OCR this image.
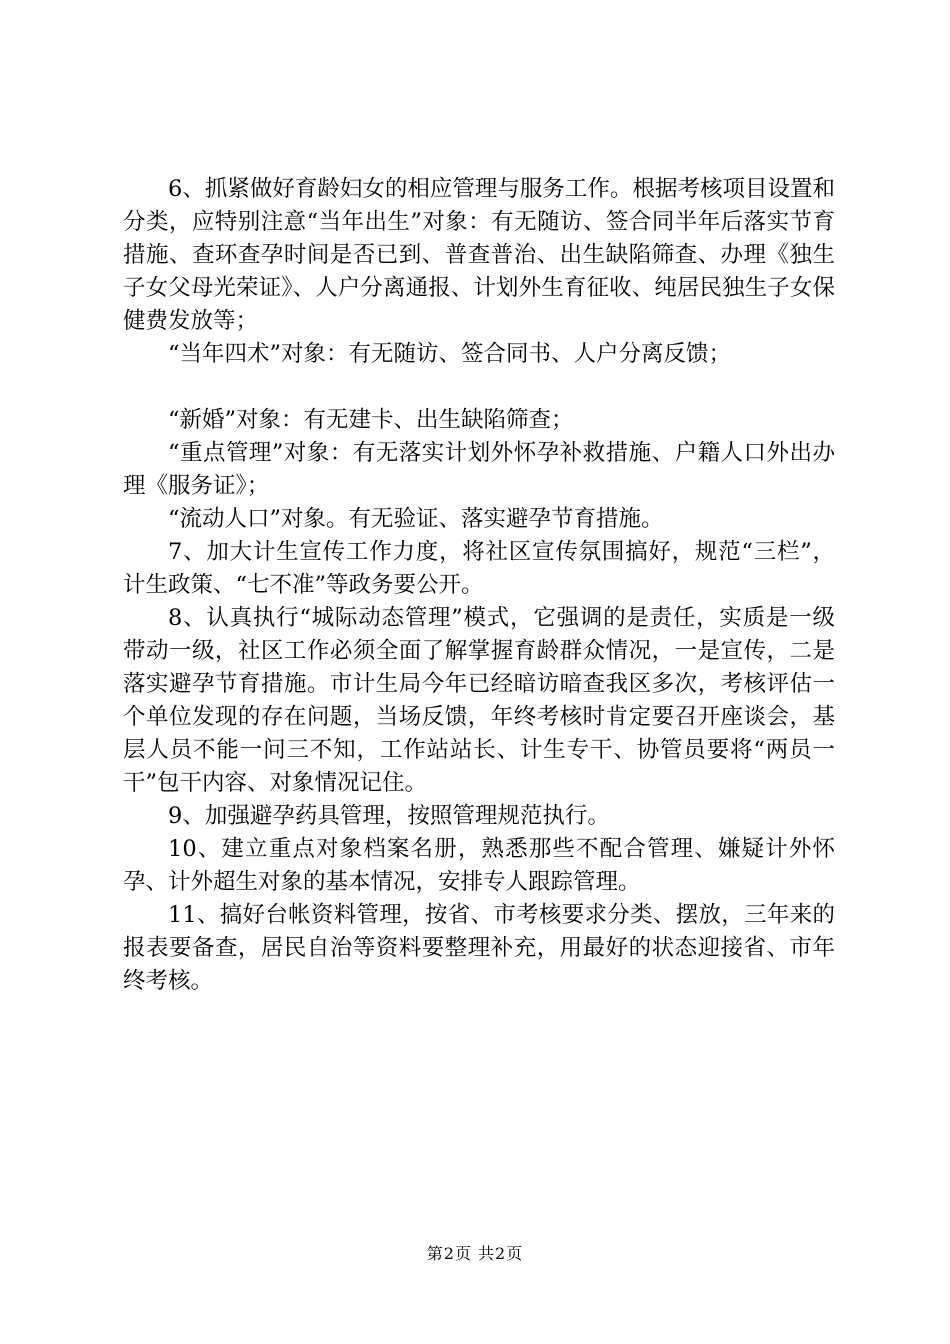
6、抓紧做好育龄妇女的相应管理与服务工作。根据考核项目设置和分类，应特别注意“当年出生”对象：有无随访、签合同半年后落实节育措施、查环查孕时间是否已到、普查普治、出生缺陷筛查、办理《独生子女父母光荣证》、人户分离通报、计划外生育征收、纯居民独生子女保健费发放等；

“当年四术”对象：有无随访、签合同书、人户分离反馈；

“新婚”对象：有无建卡、出生缺陷筛查；

“重点管理”对象：有无落实计划外怀孕补救措施、户籍人口外出办理《服务证》；

“流动人口”对象。有无验证、落实避孕节育措施。

7、加大计生宣传工作力度，将社区宣传氛围搞好，规范“三栏”，计生政策、“七不准”等政务要公开。

8、认真执行“城际动态管理”模式，它强调的是责任，实质是一级带动一级，社区工作必须全面了解掌握育龄群众情况，一是宣传，二是落实避孕节育措施。市计生局今年已经暗访暗查我区多次，考核评估一个单位发现的存在问题，当场反馈，年终考核时肯定要召开座谈会，基层人员不能一问三不知，工作站站长、计生专干、协管员要将“两员一干”包干内容、对象情况记住。

9、加强避孕药具管理，按照管理规范执行。

10、建立重点对象档案名册，熟悉那些不配合管理、嫌疑计外怀孕、计外超生对象的基本情况，安排专人跟踪管理。

11、搞好台帐资料管理，按省、市考核要求分类、摆放，三年来的报表要备查，居民自治等资料要整理补充，用最好的状态迎接省、市年终考核。

第2页 共2页
